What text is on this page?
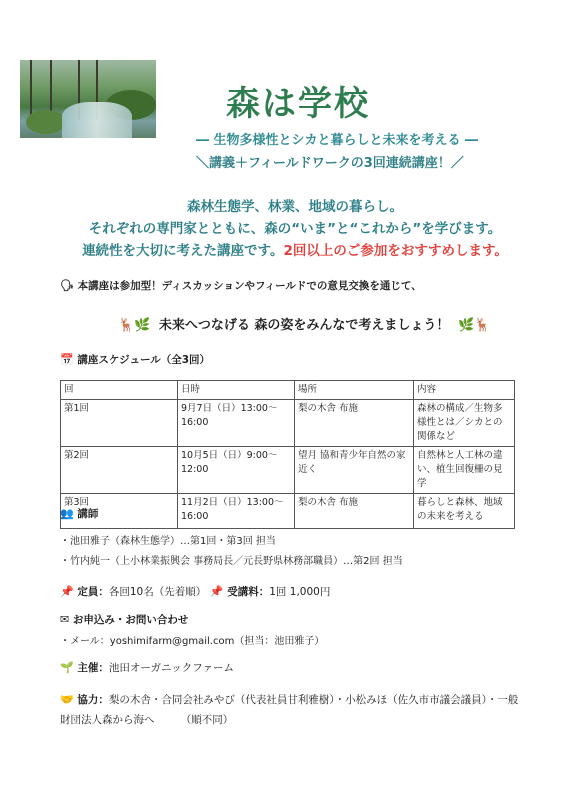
森は学校
― 生物多様性とシカと暮らしと未来を考える ―
＼講義＋フィールドワークの3回連続講座！／
森林生態学、林業、地域の暮らし。
それぞれの専門家とともに、森の“いま”と“これから”を学びます。
連続性を大切に考えた講座です。2回以上のご参加をおすすめします。
🗣 本講座は参加型！ディスカッションやフィールドでの意見交換を通じて、
🦌🌿 未来へつなげる 森の姿をみんなで考えましょう！ 🌿🦌
📅 講座スケジュール（全3回）
回	日時	場所	内容
第1回	9月7日（日）13:00〜16:00	梨の木舎 布施	森林の構成／生物多様性とは／シカとの関係など
第2回	10月5日（日）9:00〜12:00	望月 協和青少年自然の家 近く	自然林と人工林の違い、植生回復柵の見学
第3回	11月2日（日）13:00〜16:00	梨の木舎 布施	暮らしと森林、地域の未来を考える
👥 講師
・池田雅子（森林生態学）…第1回・第3回 担当
・竹内純一（上小林業振興会 事務局長／元長野県林務部職員）…第2回 担当
📌 定員：各回10名（先着順） 📌 受講料：1回 1,000円
✉ お申込み・お問い合わせ
・メール：yoshimifarm@gmail.com（担当：池田雅子）
🌱 主催：池田オーガニックファーム
🤝 協力：梨の木舎・合同会社みやび（代表社員甘利雅樹）・小松みほ（佐久市市議会議員）・一般
財団法人森から海へ　　　（順不同）
